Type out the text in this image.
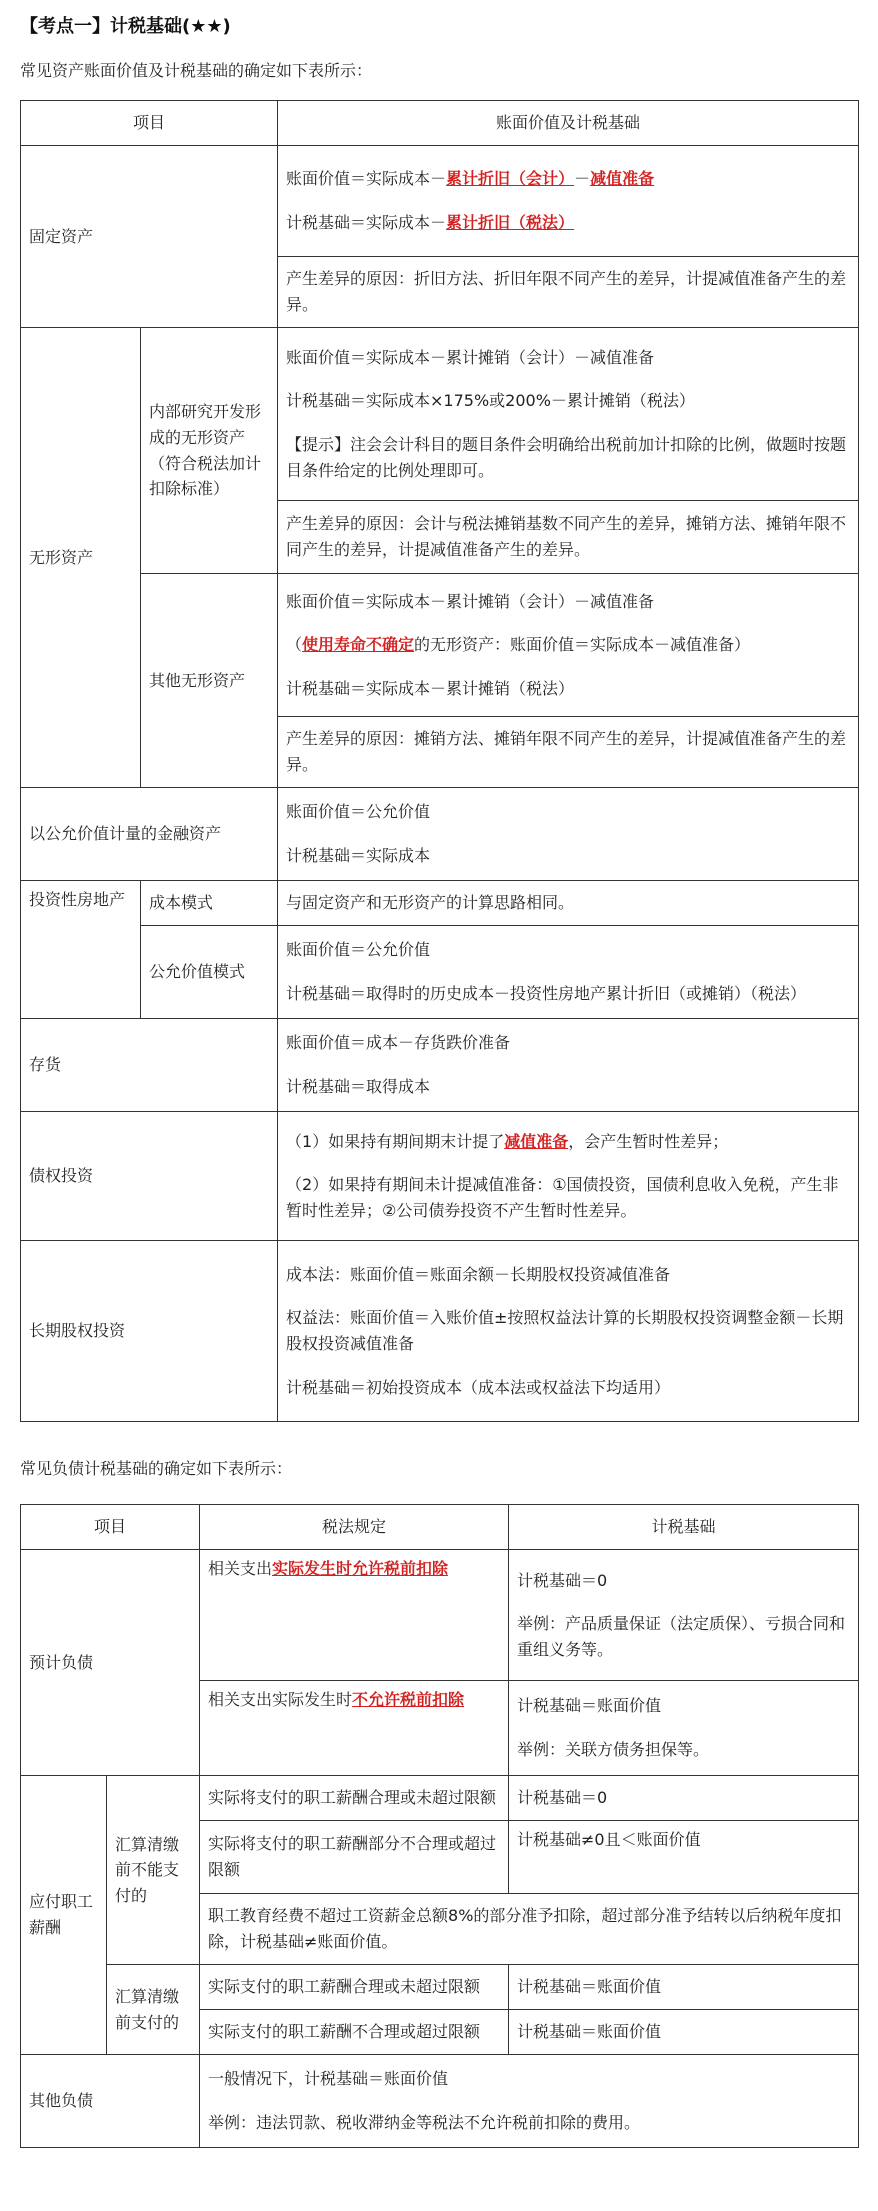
【考点一】计税基础(★★)
常见资产账面价值及计税基础的确定如下表所示：
项目		账面价值及计税基础
固定资产		账面价值＝实际成本－累计折旧（会计）－减值准备

计税基础＝实际成本－累计折旧（税法）

		产生差异的原因：折旧方法、折旧年限不同产生的差异，计提减值准备产生的差异。
无形资产	内部研究开发形成的无形资产（符合税法加计扣除标准）	账面价值＝实际成本－累计摊销（会计）－减值准备

计税基础＝实际成本×175%或200%－累计摊销（税法）

【提示】注会会计科目的题目条件会明确给出税前加计扣除的比例，做题时按题目条件给定的比例处理即可。

		产生差异的原因：会计与税法摊销基数不同产生的差异，摊销方法、摊销年限不同产生的差异，计提减值准备产生的差异。
	其他无形资产	账面价值＝实际成本－累计摊销（会计）－减值准备

（使用寿命不确定的无形资产：账面价值＝实际成本－减值准备）

计税基础＝实际成本－累计摊销（税法）

		产生差异的原因：摊销方法、摊销年限不同产生的差异，计提减值准备产生的差异。
以公允价值计量的金融资产		账面价值＝公允价值

计税基础＝实际成本

投资性房地产	成本模式	与固定资产和无形资产的计算思路相同。
	公允价值模式	账面价值＝公允价值

计税基础＝取得时的历史成本－投资性房地产累计折旧（或摊销）（税法）

存货		账面价值＝成本－存货跌价准备

计税基础＝取得成本

债权投资		（1）如果持有期间期末计提了减值准备，会产生暂时性差异；

（2）如果持有期间未计提减值准备：①国债投资，国债利息收入免税，产生非暂时性差异；②公司债券投资不产生暂时性差异。

长期股权投资		成本法：账面价值＝账面余额－长期股权投资减值准备

权益法：账面价值＝入账价值±按照权益法计算的长期股权投资调整金额－长期股权投资减值准备

计税基础＝初始投资成本（成本法或权益法下均适用）

常见负债计税基础的确定如下表所示：
项目		税法规定	计税基础
预计负债		相关支出实际发生时允许税前扣除	计税基础＝0

举例：产品质量保证（法定质保）、亏损合同和重组义务等。

		相关支出实际发生时不允许税前扣除	计税基础＝账面价值

举例：关联方债务担保等。

应付职工薪酬	汇算清缴前不能支付的	实际将支付的职工薪酬合理或未超过限额	计税基础＝0
		实际将支付的职工薪酬部分不合理或超过限额	计税基础≠0且＜账面价值
		职工教育经费不超过工资薪金总额8%的部分准予扣除，超过部分准予结转以后纳税年度扣除，计税基础≠账面价值。	
	汇算清缴前支付的	实际支付的职工薪酬合理或未超过限额	计税基础＝账面价值
		实际支付的职工薪酬不合理或超过限额	计税基础＝账面价值
其他负债		一般情况下，计税基础＝账面价值

举例：违法罚款、税收滞纳金等税法不允许税前扣除的费用。	
